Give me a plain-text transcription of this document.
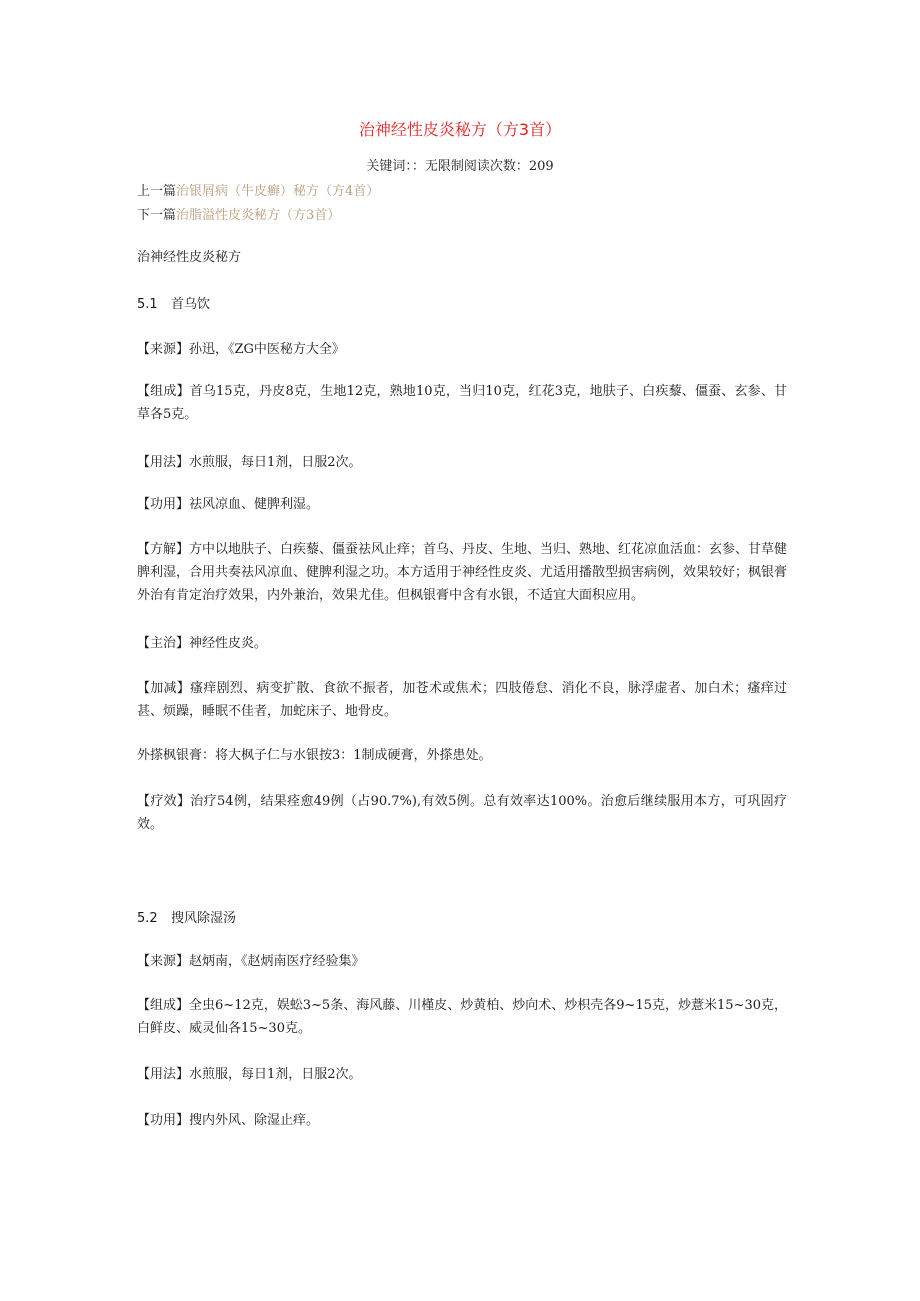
治神经性皮炎秘方（方3首）
关键词：：无限制阅读次数：209
上一篇治银屑病（牛皮癣）秘方（方4首）
下一篇治脂溢性皮炎秘方（方3首）
治神经性皮炎秘方
5.1 首乌饮
【来源】孙迅，《ZG中医秘方大全》
【组成】首乌15克，丹皮8克，生地12克，熟地10克，当归10克，红花3克，地肤子、白疾藜、僵蚕、玄参、甘草各5克。
【用法】水煎服，每日1剂，日服2次。
【功用】祛风凉血、健脾利湿。
【方解】方中以地肤子、白疾藜、僵蚕祛风止痒；首乌、丹皮、生地、当归、熟地、红花凉血活血：玄参、甘草健脾利湿，合用共奏祛风凉血、健脾利湿之功。本方适用于神经性皮炎、尤适用播散型损害病例，效果较好；枫银膏外治有肯定治疗效果，内外兼治，效果尤佳。但枫银膏中含有水银，不适宜大面积应用。
【主治】神经性皮炎。
【加减】瘙痒剧烈、病变扩散、食欲不振者，加苍术或焦术；四肢倦怠、消化不良，脉浮虚者、加白术；瘙痒过甚、烦躁，睡眠不佳者，加蛇床子、地骨皮。
外搽枫银膏：将大枫子仁与水银按3：1制成硬膏，外搽患处。
【疗效】治疗54例，结果痊愈49例（占90.7%),有效5例。总有效率达100%。治愈后继续服用本方，可巩固疗效。
5.2 搜风除湿汤
【来源】赵炳南，《赵炳南医疗经验集》
【组成】全虫6~12克，娱蚣3~5条、海风藤、川槿皮、炒黄柏、炒向术、炒枳壳各9~15克，炒薏米15~30克，白鲜皮、威灵仙各15~30克。
【用法】水煎服，每日1剂，日服2次。
【功用】搜内外风、除湿止痒。
